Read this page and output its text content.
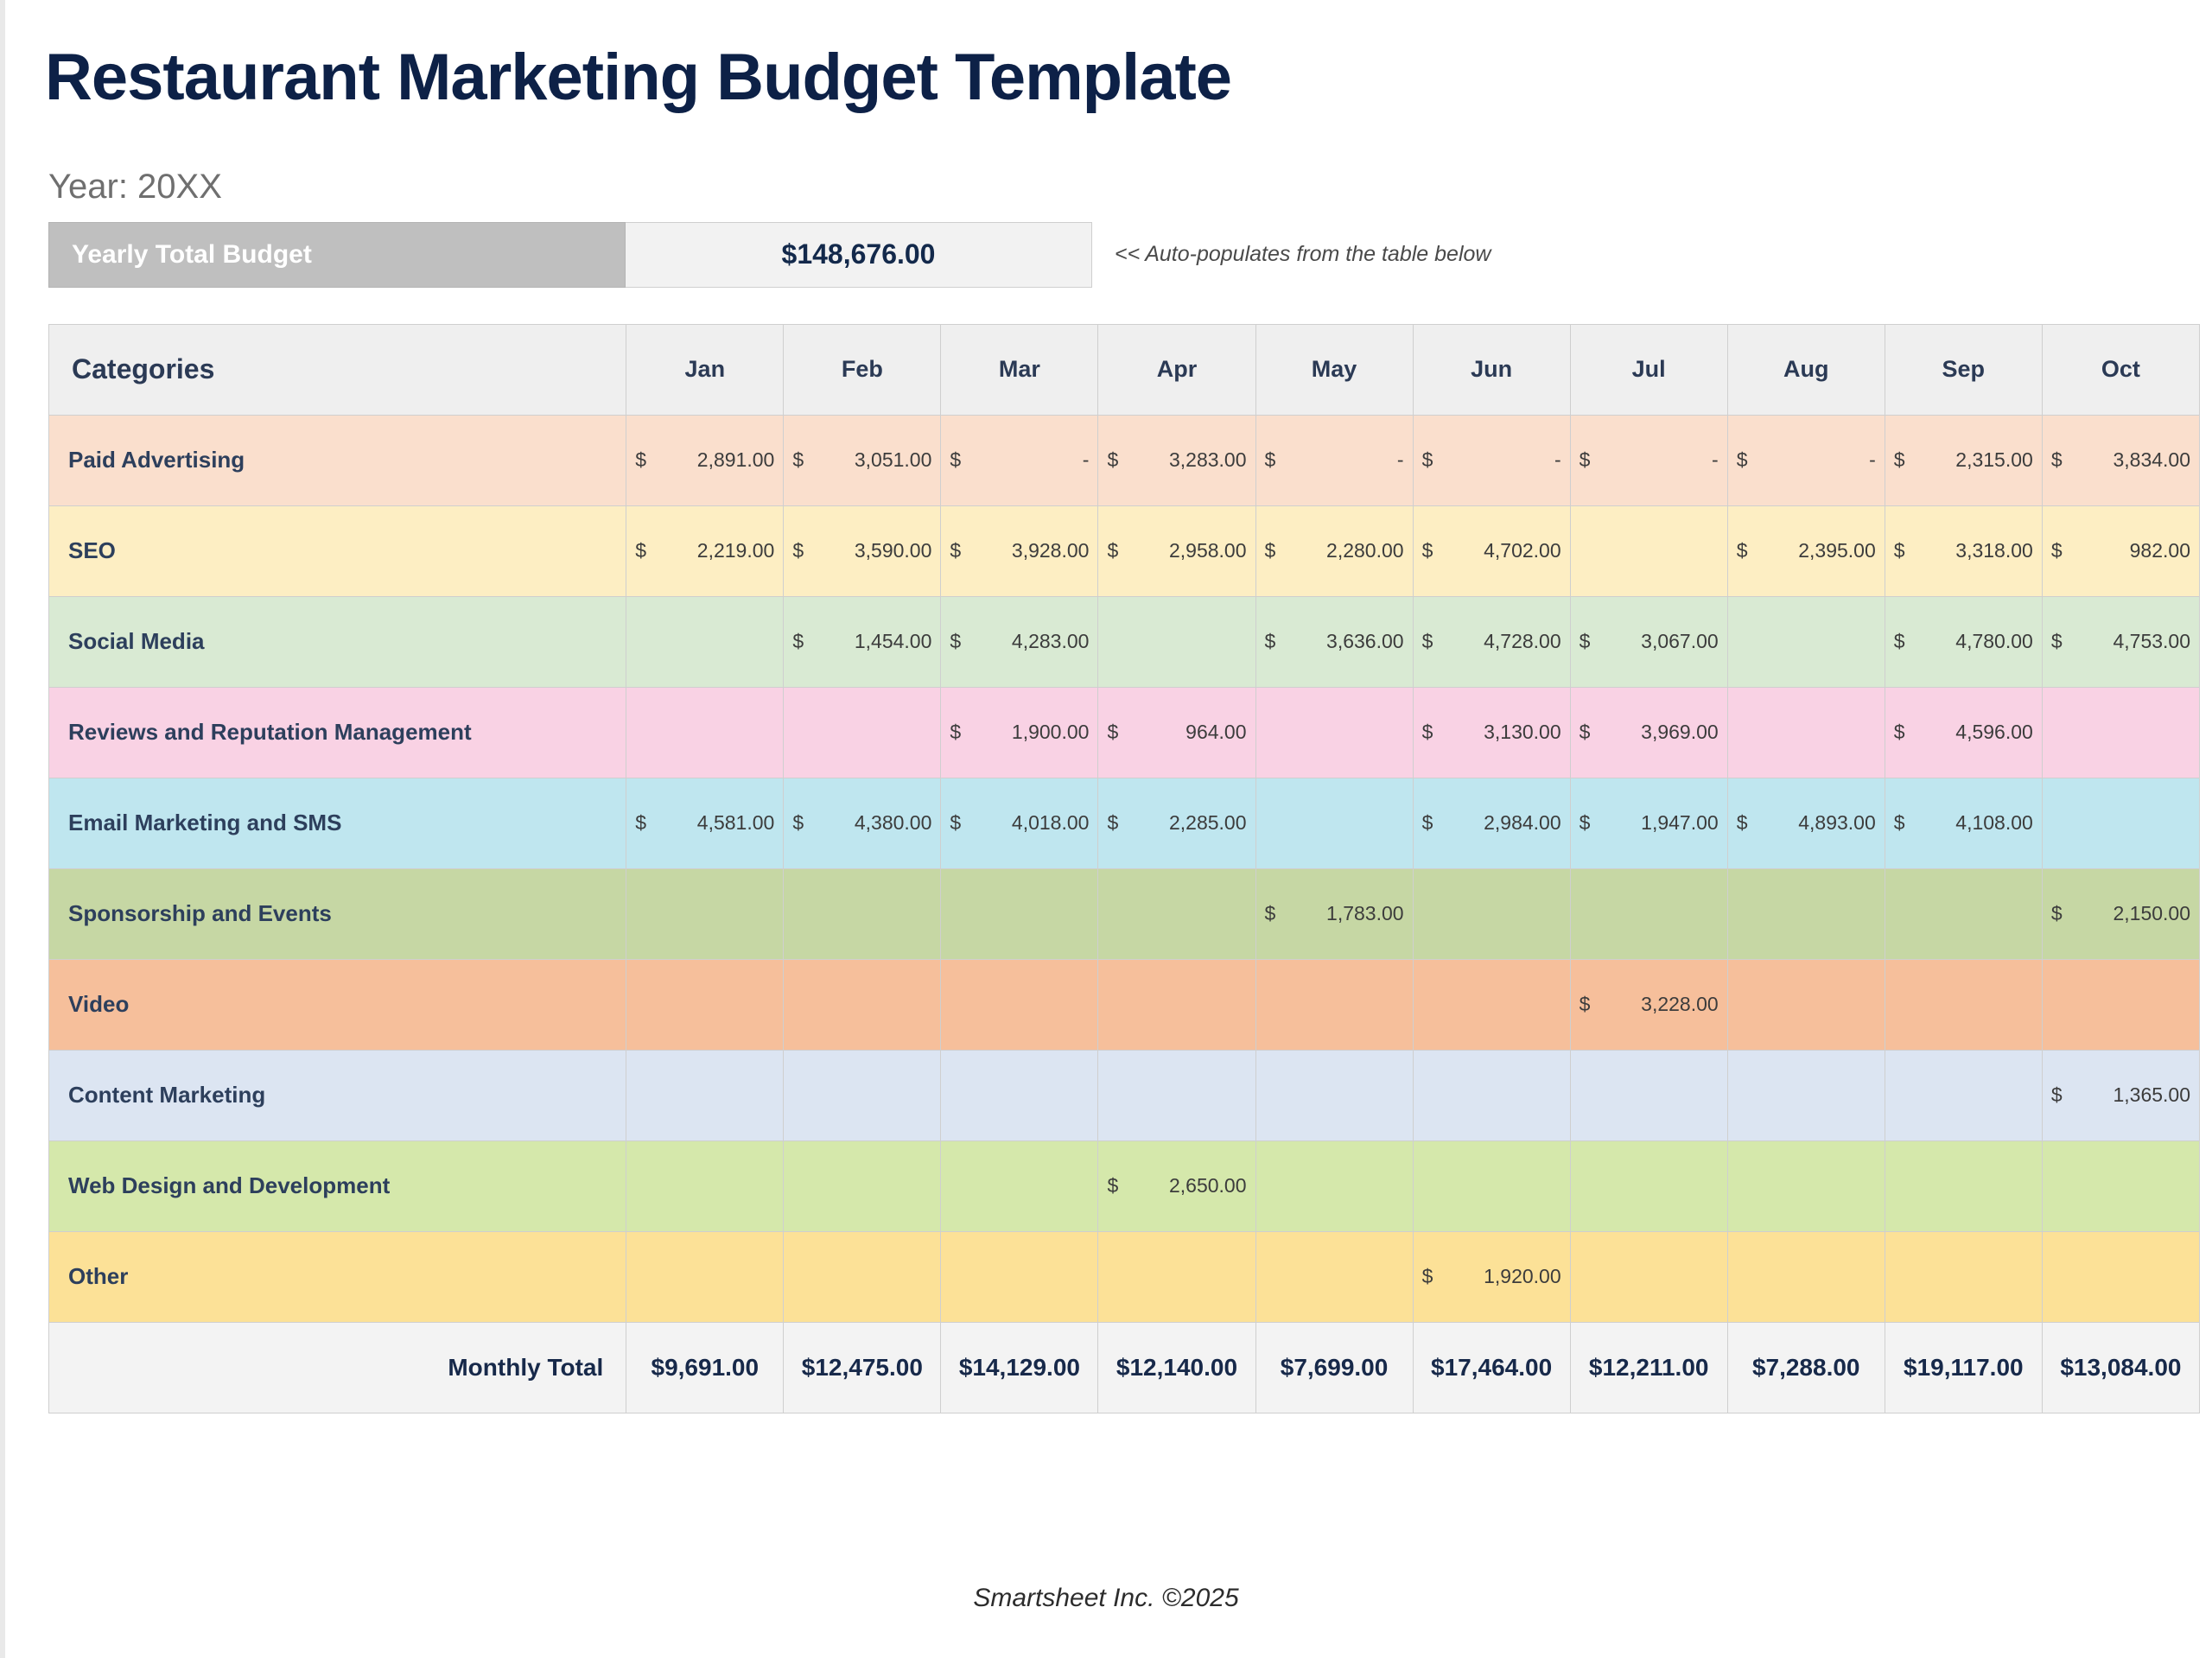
Restaurant Marketing Budget Template
Year: 20XX
Yearly Total Budget	$148,676.00	<< Auto-populates from the table below
Categories	Jan	Feb	Mar	Apr	May	Jun	Jul	Aug	Sep	Oct
Paid Advertising	$ 2,891.00	$ 3,051.00	$ -	$ 3,283.00	$ -	$ -	$ -	$ -	$ 2,315.00	$ 3,834.00

SEO	$ 2,219.00	$ 3,590.00	$ 3,928.00	$ 2,958.00	$ 2,280.00	$ 4,702.00		$ 2,395.00	$ 3,318.00	$ 982.00

Social Media		$ 1,454.00	$ 4,283.00		$ 3,636.00	$ 4,728.00	$ 3,067.00		$ 4,780.00	$ 4,753.00

Reviews and Reputation Management			$ 1,900.00	$ 964.00		$ 3,130.00	$ 3,969.00		$ 4,596.00	

Email Marketing and SMS	$ 4,581.00	$ 4,380.00	$ 4,018.00	$ 2,285.00		$ 2,984.00	$ 1,947.00	$ 4,893.00	$ 4,108.00	

Sponsorship and Events					$ 1,783.00					$ 2,150.00

Video							$ 3,228.00			

Content Marketing										$ 1,365.00

Web Design and Development				$ 2,650.00						

Other						$ 1,920.00				

Monthly Total	$9,691.00	$12,475.00	$14,129.00	$12,140.00	$7,699.00	$17,464.00	$12,211.00	$7,288.00	$19,117.00	$13,084.00
Smartsheet Inc. ©2025
